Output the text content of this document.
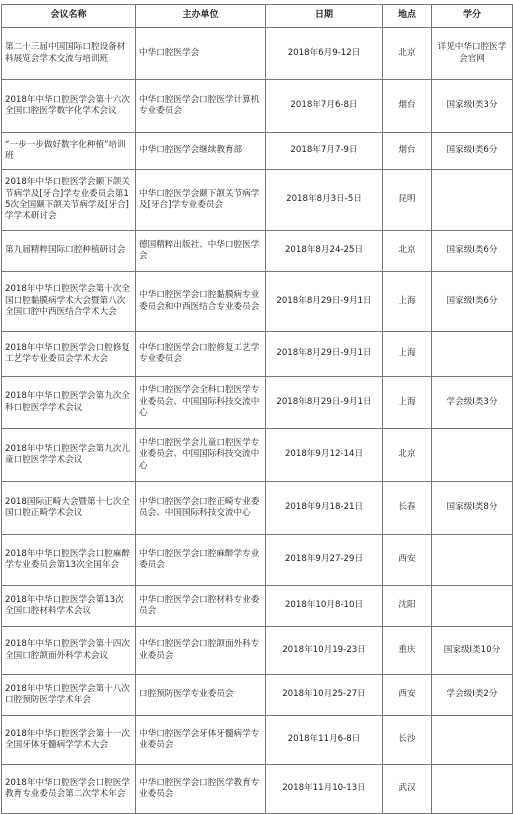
会议名称	主办单位	日期	地点	学分
第二十三届中国国际口腔设备材料展览会学术交流与培训班	中华口腔医学会	2018年6月9-12日	北京	详见中华口腔医学会官网
2018年中华口腔医学会第十六次全国口腔医学数字化学术会议	中华口腔医学会口腔医学计算机专业委员会	2018年7月6-8日	烟台	国家级I类3分
“一步一步做好数字化种植”培训班	中华口腔医学会继续教育部	2018年7月7-9日	烟台	国家级I类6分
2018年中华口腔医学会颞下颌关节病学及[牙合]学专业委员会第15次全国颞下颌关节病学及[牙合]学学术研讨会	中华口腔医学会颞下颌关节病学及[牙合]学专业委员会	2018年8月3日-5日	昆明	
第九届精粹国际口腔种植研讨会	德国精粹出版社、中华口腔医学会	2018年8月24-25日	北京	国家级I类6分
2018年中华口腔医学会第十次全国口腔黏膜病学术大会暨第八次全国口腔中西医结合学术大会	中华口腔医学会口腔黏膜病专业委员会和中西医结合专业委员会	2018年8月29日-9月1日	上海	国家级I类6分
2018年中华口腔医学会口腔修复工艺学专业委员会学术大会	中华口腔医学会口腔修复工艺学专业委员会	2018年8月29日-9月1日	上海	
2018年中华口腔医学会第九次全科口腔医学学术会议	中华口腔医学会全科口腔医学专业委员会、中国国际科技交流中心	2018年8月29日-9月1日	上海	学会级I类3分
2018年中华口腔医学会第九次儿童口腔医学学术会议	中华口腔医学会儿童口腔医学专业委员会、中国国际科技交流中心	2018年9月12-14日	北京	
2018国际正畸大会暨第十七次全国口腔正畸学术会议	中华口腔医学会口腔正畸专业委员会、中国国际科技交流中心	2018年9月18-21日	长春	国家级I类8分
2018年中华口腔医学会口腔麻醉学专业委员会第13次全国年会	中华口腔医学会口腔麻醉学专业委员会	2018年9月27-29日	西安	
2018年中华口腔医学会第13次全国口腔材料学术会议	中华口腔医学会口腔材料专业委员会	2018年10月8-10日	沈阳	
2018年中华口腔医学会第十四次全国口腔颌面外科学术会议	中华口腔医学会口腔颌面外科专业委员会	2018年10月19-23日	重庆	国家级I类10分
2018年中华口腔医学会第十八次口腔预防医学学术年会	口腔预防医学专业委员会	2018年10月25-27日	西安	学会级I类2分
2018年中华口腔医学会第十一次全国牙体牙髓病学学术大会	中华口腔医学会牙体牙髓病学专业委员会	2018年11月6-8日	长沙	
2018年中华口腔医学会口腔医学教育专业委员会第二次学术年会	中华口腔医学会口腔医学教育专业委员会	2018年11月10-13日	武汉	
